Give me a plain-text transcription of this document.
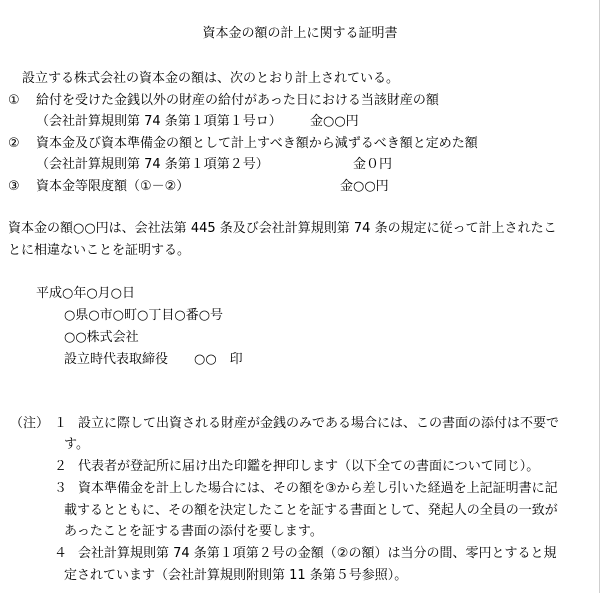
資本金の額の計上に関する証明書
設立する株式会社の資本金の額は、次のとおり計上されている。
① 給付を受けた金銭以外の財産の給付があった日における当該財産の額
（会社計算規則第 74 条第１項第１号ロ） 金○○円
② 資本金及び資本準備金の額として計上すべき額から減ずるべき額と定めた額
（会社計算規則第 74 条第１項第２号）	金０円
③ 資本金等限度額（①－②）	金○○円
資本金の額○○円は、会社法第 445 条及び会社計算規則第 74 条の規定に従って計上されたこ
とに相違ないことを証明する。
平成○年○月○日
○県○市○町○丁目○番○号
○○株式会社
設立時代表取締役　　○○　印
（注） １ 設立に際して出資される財産が金銭のみである場合には、この書面の添付は不要で
す。
２ 代表者が登記所に届け出た印鑑を押印します（以下全ての書面について同じ）。
３ 資本準備金を計上した場合には、その額を③から差し引いた経過を上記証明書に記
載するとともに、その額を決定したことを証する書面として、発起人の全員の一致が
あったことを証する書面の添付を要します。
４ 会社計算規則第 74 条第１項第２号の金額（②の額）は当分の間、零円とすると規
定されています（会社計算規則附則第 11 条第５号参照）。
